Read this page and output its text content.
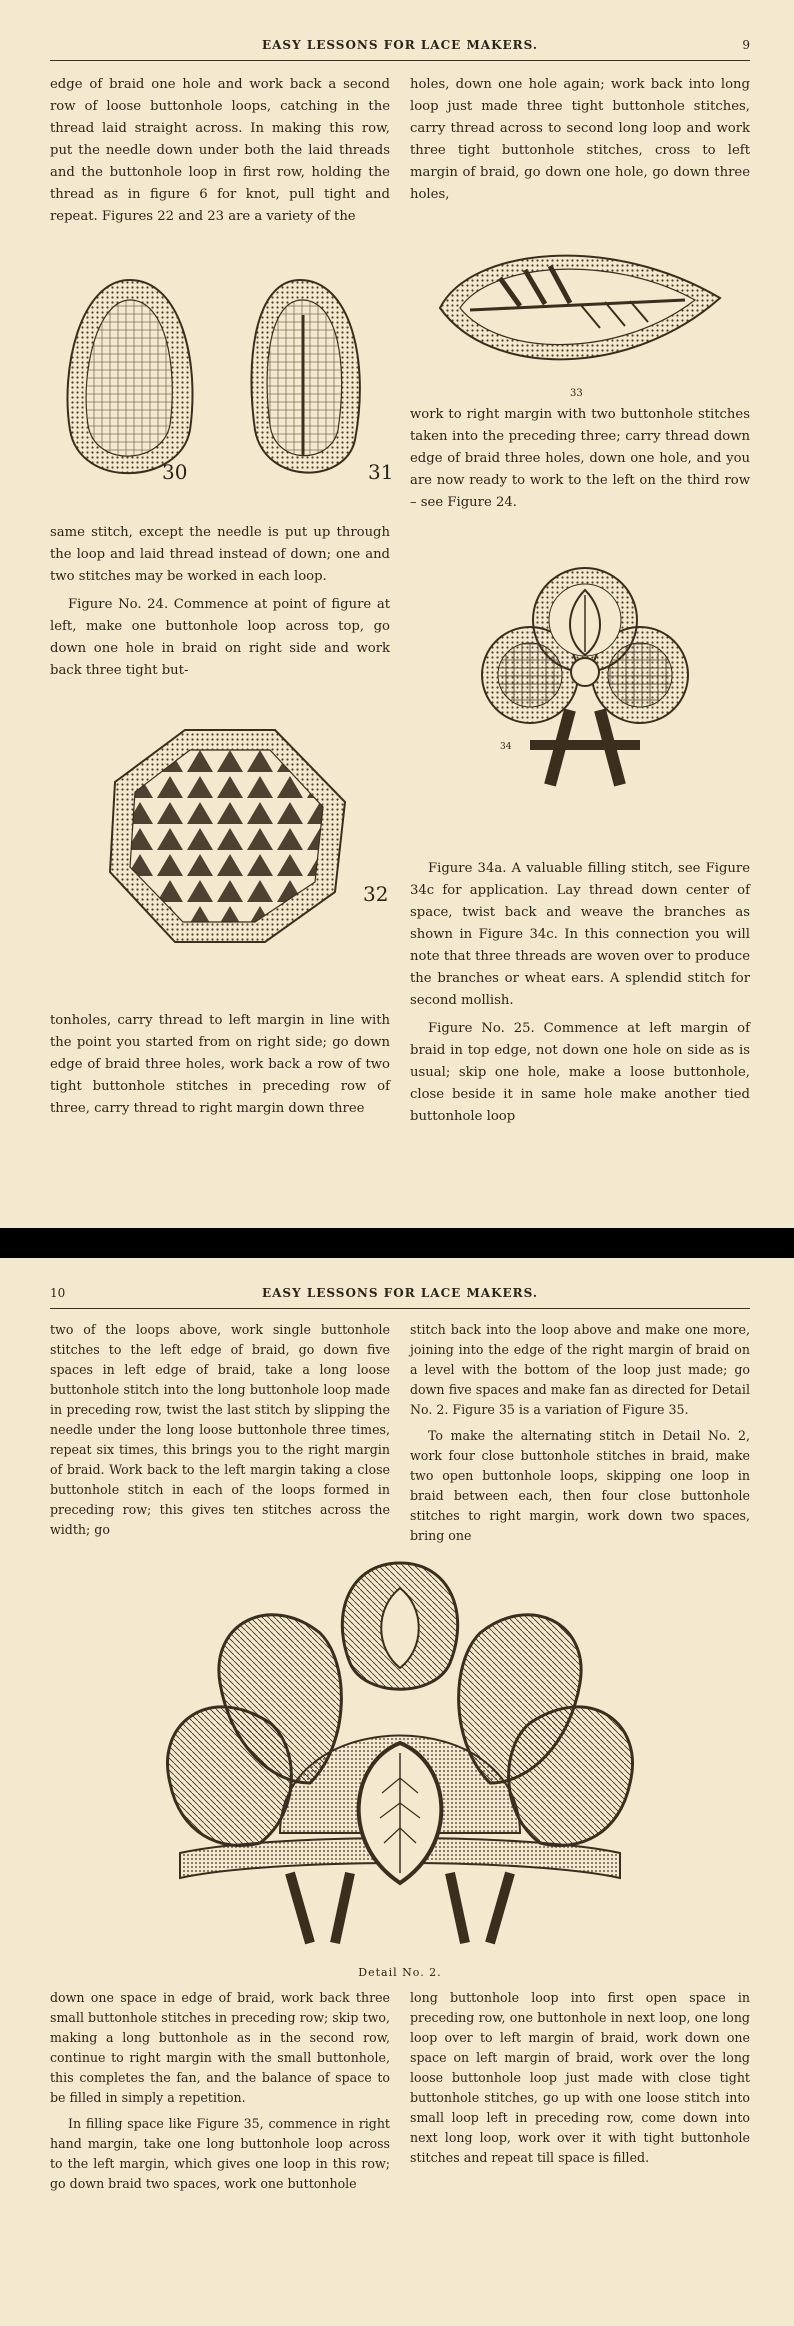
EASY LESSONS FOR LACE MAKERS.	9

edge of braid one hole and work back a second row of loose buttonhole loops, catching in the thread laid straight across. In making this row, put the needle down under both the laid threads and the buttonhole loop in first row, holding the thread as in figure 6 for knot, pull tight and repeat. Figures 22 and 23 are a variety of the

30	31

same stitch, except the needle is put up through the loop and laid thread instead of down; one and two stitches may be worked in each loop.

Figure No. 24. Commence at point of figure at left, make one buttonhole loop across top, go down one hole in braid on right side and work back three tight but-

32

tonholes, carry thread to left margin in line with the point you started from on right side; go down edge of braid three holes, work back a row of two tight buttonhole stitches in preceding row of three, carry thread to right margin down three

holes, down one hole again; work back into long loop just made three tight buttonhole stitches, carry thread across to second long loop and work three tight buttonhole stitches, cross to left margin of braid, go down one hole, go down three holes,

33

work to right margin with two buttonhole stitches taken into the preceding three; carry thread down edge of braid three holes, down one hole, and you are now ready to work to the left on the third row – see Figure 24.

34

Figure 34a. A valuable filling stitch, see Figure 34c for application. Lay thread down center of space, twist back and weave the branches as shown in Figure 34c. In this connection you will note that three threads are woven over to produce the branches or wheat ears. A splendid stitch for second mollish.

Figure No. 25. Commence at left margin of braid in top edge, not down one hole on side as is usual; skip one hole, make a loose buttonhole, close beside it in same hole make another tied buttonhole loop

10	EASY LESSONS FOR LACE MAKERS.

two of the loops above, work single buttonhole stitches to the left edge of braid, go down five spaces in left edge of braid, take a long loose buttonhole stitch into the long buttonhole loop made in preceding row, twist the last stitch by slipping the needle under the long loose buttonhole three times, repeat six times, this brings you to the right margin of braid. Work back to the left margin taking a close buttonhole stitch in each of the loops formed in preceding row; this gives ten stitches across the width; go

stitch back into the loop above and make one more, joining into the edge of the right margin of braid on a level with the bottom of the loop just made; go down five spaces and make fan as directed for Detail No. 2. Figure 35 is a variation of Figure 35.

To make the alternating stitch in Detail No. 2, work four close buttonhole stitches in braid, make two open buttonhole loops, skipping one loop in braid between each, then four close buttonhole stitches to right margin, work down two spaces, bring one

Detail No. 2.

down one space in edge of braid, work back three small buttonhole stitches in preceding row; skip two, making a long buttonhole as in the second row, continue to right margin with the small buttonhole, this completes the fan, and the balance of space to be filled in simply a repetition.

In filling space like Figure 35, commence in right hand margin, take one long buttonhole loop across to the left margin, which gives one loop in this row; go down braid two spaces, work one buttonhole

long buttonhole loop into first open space in preceding row, one buttonhole in next loop, one long loop over to left margin of braid, work down one space on left margin of braid, work over the long loose buttonhole loop just made with close tight buttonhole stitches, go up with one loose stitch into small loop left in preceding row, come down into next long loop, work over it with tight buttonhole stitches and repeat till space is filled.
